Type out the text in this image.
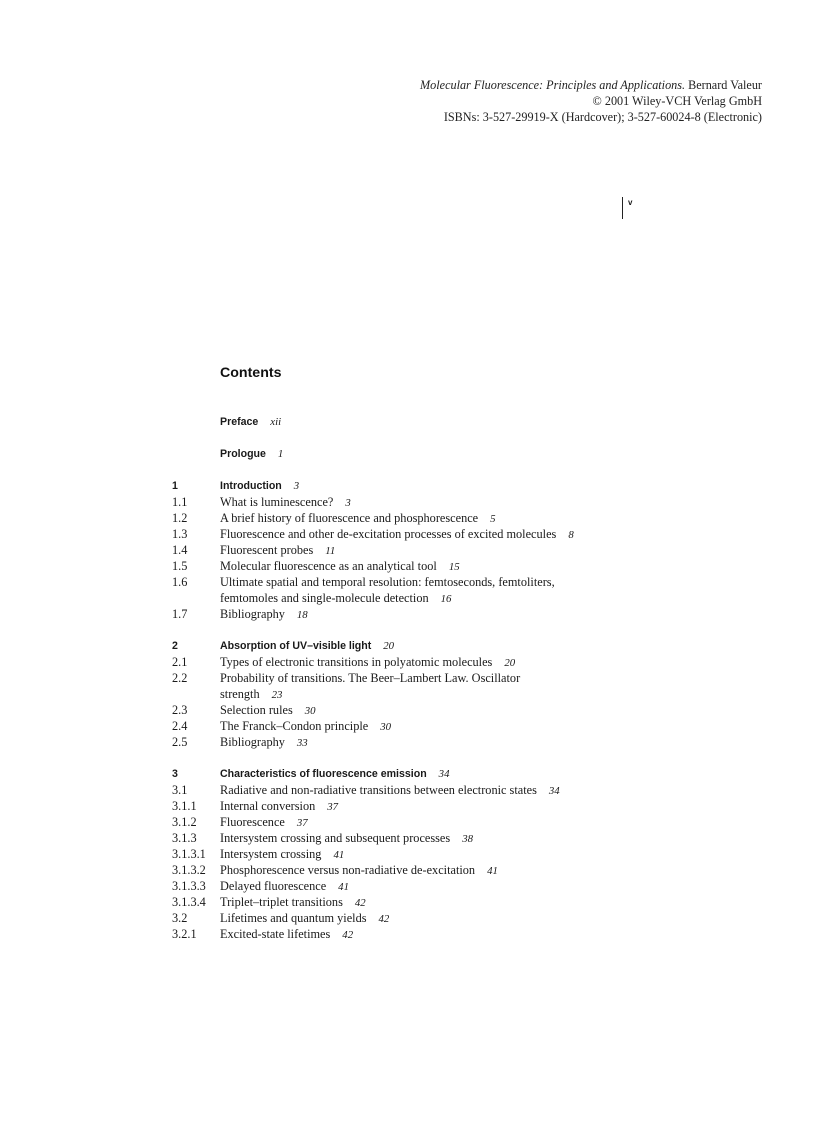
Molecular Fluorescence: Principles and Applications. Bernard Valeur
© 2001 Wiley-VCH Verlag GmbH
ISBNs: 3-527-29919-X (Hardcover); 3-527-60024-8 (Electronic)
v
Contents
Preface xii
Prologue 1
1	Introduction 3
1.1	What is luminescence? 3
1.2	A brief history of fluorescence and phosphorescence 5
1.3	Fluorescence and other de-excitation processes of excited molecules 8
1.4	Fluorescent probes 11
1.5	Molecular fluorescence as an analytical tool 15
1.6	Ultimate spatial and temporal resolution: femtoseconds, femtoliters, femtomoles and single-molecule detection 16
1.7	Bibliography 18
2	Absorption of UV–visible light 20
2.1	Types of electronic transitions in polyatomic molecules 20
2.2	Probability of transitions. The Beer–Lambert Law. Oscillator strength 23
2.3	Selection rules 30
2.4	The Franck–Condon principle 30
2.5	Bibliography 33
3	Characteristics of fluorescence emission 34
3.1	Radiative and non-radiative transitions between electronic states 34
3.1.1	Internal conversion 37
3.1.2	Fluorescence 37
3.1.3	Intersystem crossing and subsequent processes 38
3.1.3.1	Intersystem crossing 41
3.1.3.2	Phosphorescence versus non-radiative de-excitation 41
3.1.3.3	Delayed fluorescence 41
3.1.3.4	Triplet–triplet transitions 42
3.2	Lifetimes and quantum yields 42
3.2.1	Excited-state lifetimes 42
